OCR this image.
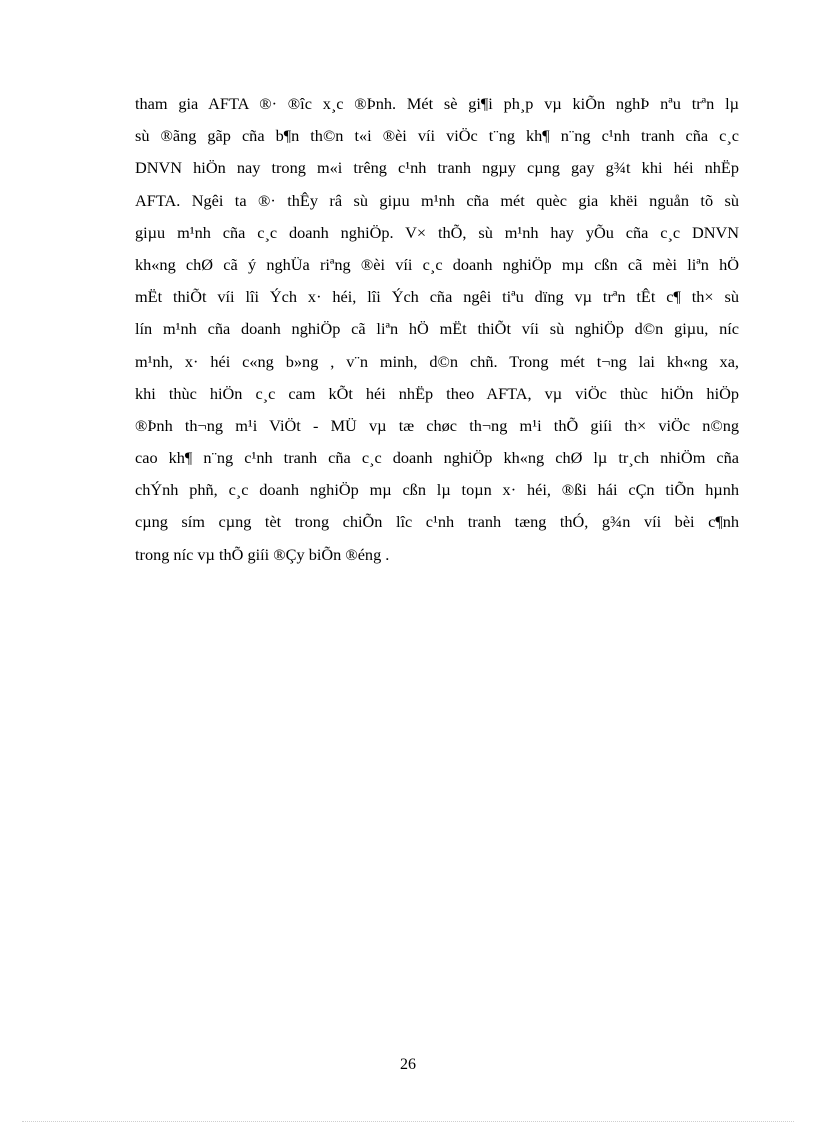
tham gia AFTA ®· ®îc x¸c ®Þnh. Mét sè gi¶i ph¸p vµ kiÕn nghÞ nªu trªn lµ
sù ®ãng gãp cña b¶n th©n t«i ®èi víi viÖc t¨ng kh¶ n¨ng c¹nh tranh cña c¸c
DNVN hiÖn nay trong m«i trêng c¹nh tranh ngµy cµng gay g¾t khi héi nhËp
AFTA. Ngêi ta ®· thÊy râ sù giµu m¹nh cña mét quèc gia khëi nguån tõ sù
giµu m¹nh cña c¸c doanh nghiÖp. V× thÕ, sù m¹nh hay yÕu cña c¸c DNVN
kh«ng chØ cã ý nghÜa riªng ®èi víi c¸c doanh nghiÖp mµ cßn cã mèi liªn hÖ
mËt thiÕt víi lîi Ých x· héi, lîi Ých cña ngêi tiªu dïng vµ trªn tÊt c¶ th× sù
lín m¹nh cña doanh nghiÖp cã liªn hÖ mËt thiÕt víi sù nghiÖp d©n giµu, níc
m¹nh, x· héi c«ng b»ng , v¨n minh, d©n chñ. Trong mét t¬ng lai kh«ng xa,
khi thùc hiÖn c¸c cam kÕt héi nhËp theo AFTA, vµ viÖc thùc hiÖn hiÖp
®Þnh th¬ng m¹i ViÖt - MÜ vµ tæ chøc th¬ng m¹i thÕ giíi th× viÖc n©ng
cao kh¶ n¨ng c¹nh tranh cña c¸c doanh nghiÖp kh«ng chØ lµ tr¸ch nhiÖm cña
chÝnh phñ, c¸c doanh nghiÖp mµ cßn lµ toµn x· héi, ®ßi hái cÇn tiÕn hµnh
cµng sím cµng tèt trong chiÕn lîc c¹nh tranh tæng thÓ, g¾n víi bèi c¶nh
trong níc vµ thÕ giíi ®Çy biÕn ®éng .
26
